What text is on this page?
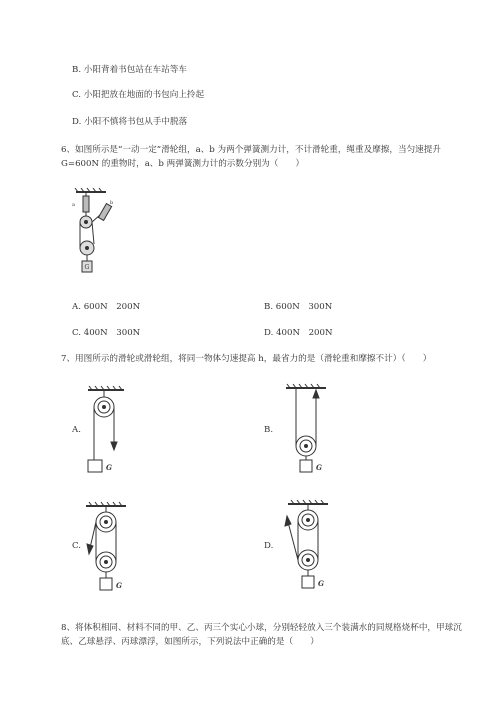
B. 小阳背着书包站在车站等车
C. 小阳把放在地面的书包向上拎起
D. 小阳不慎将书包从手中脱落
6、如图所示是“一动一定”滑轮组，a、b 为两个弹簧测力计，不计滑轮重，绳重及摩擦，当匀速提升 G=600N 的重物时，a、b 两弹簧测力计的示数分别为（　　）
a	b
G
A. 600N　200N	B. 600N　300N
C. 400N　300N	D. 400N　200N
7、用图所示的滑轮或滑轮组，将同一物体匀速提高 h，最省力的是（滑轮重和摩擦不计）（　　）
A.
G
B.
G
C.
G
D.
G
8、将体积相同、材料不同的甲、乙、丙三个实心小球，分别轻轻放入三个装满水的同规格烧杯中，甲球沉底、乙球悬浮、丙球漂浮，如图所示，下列说法中正确的是（　　）
